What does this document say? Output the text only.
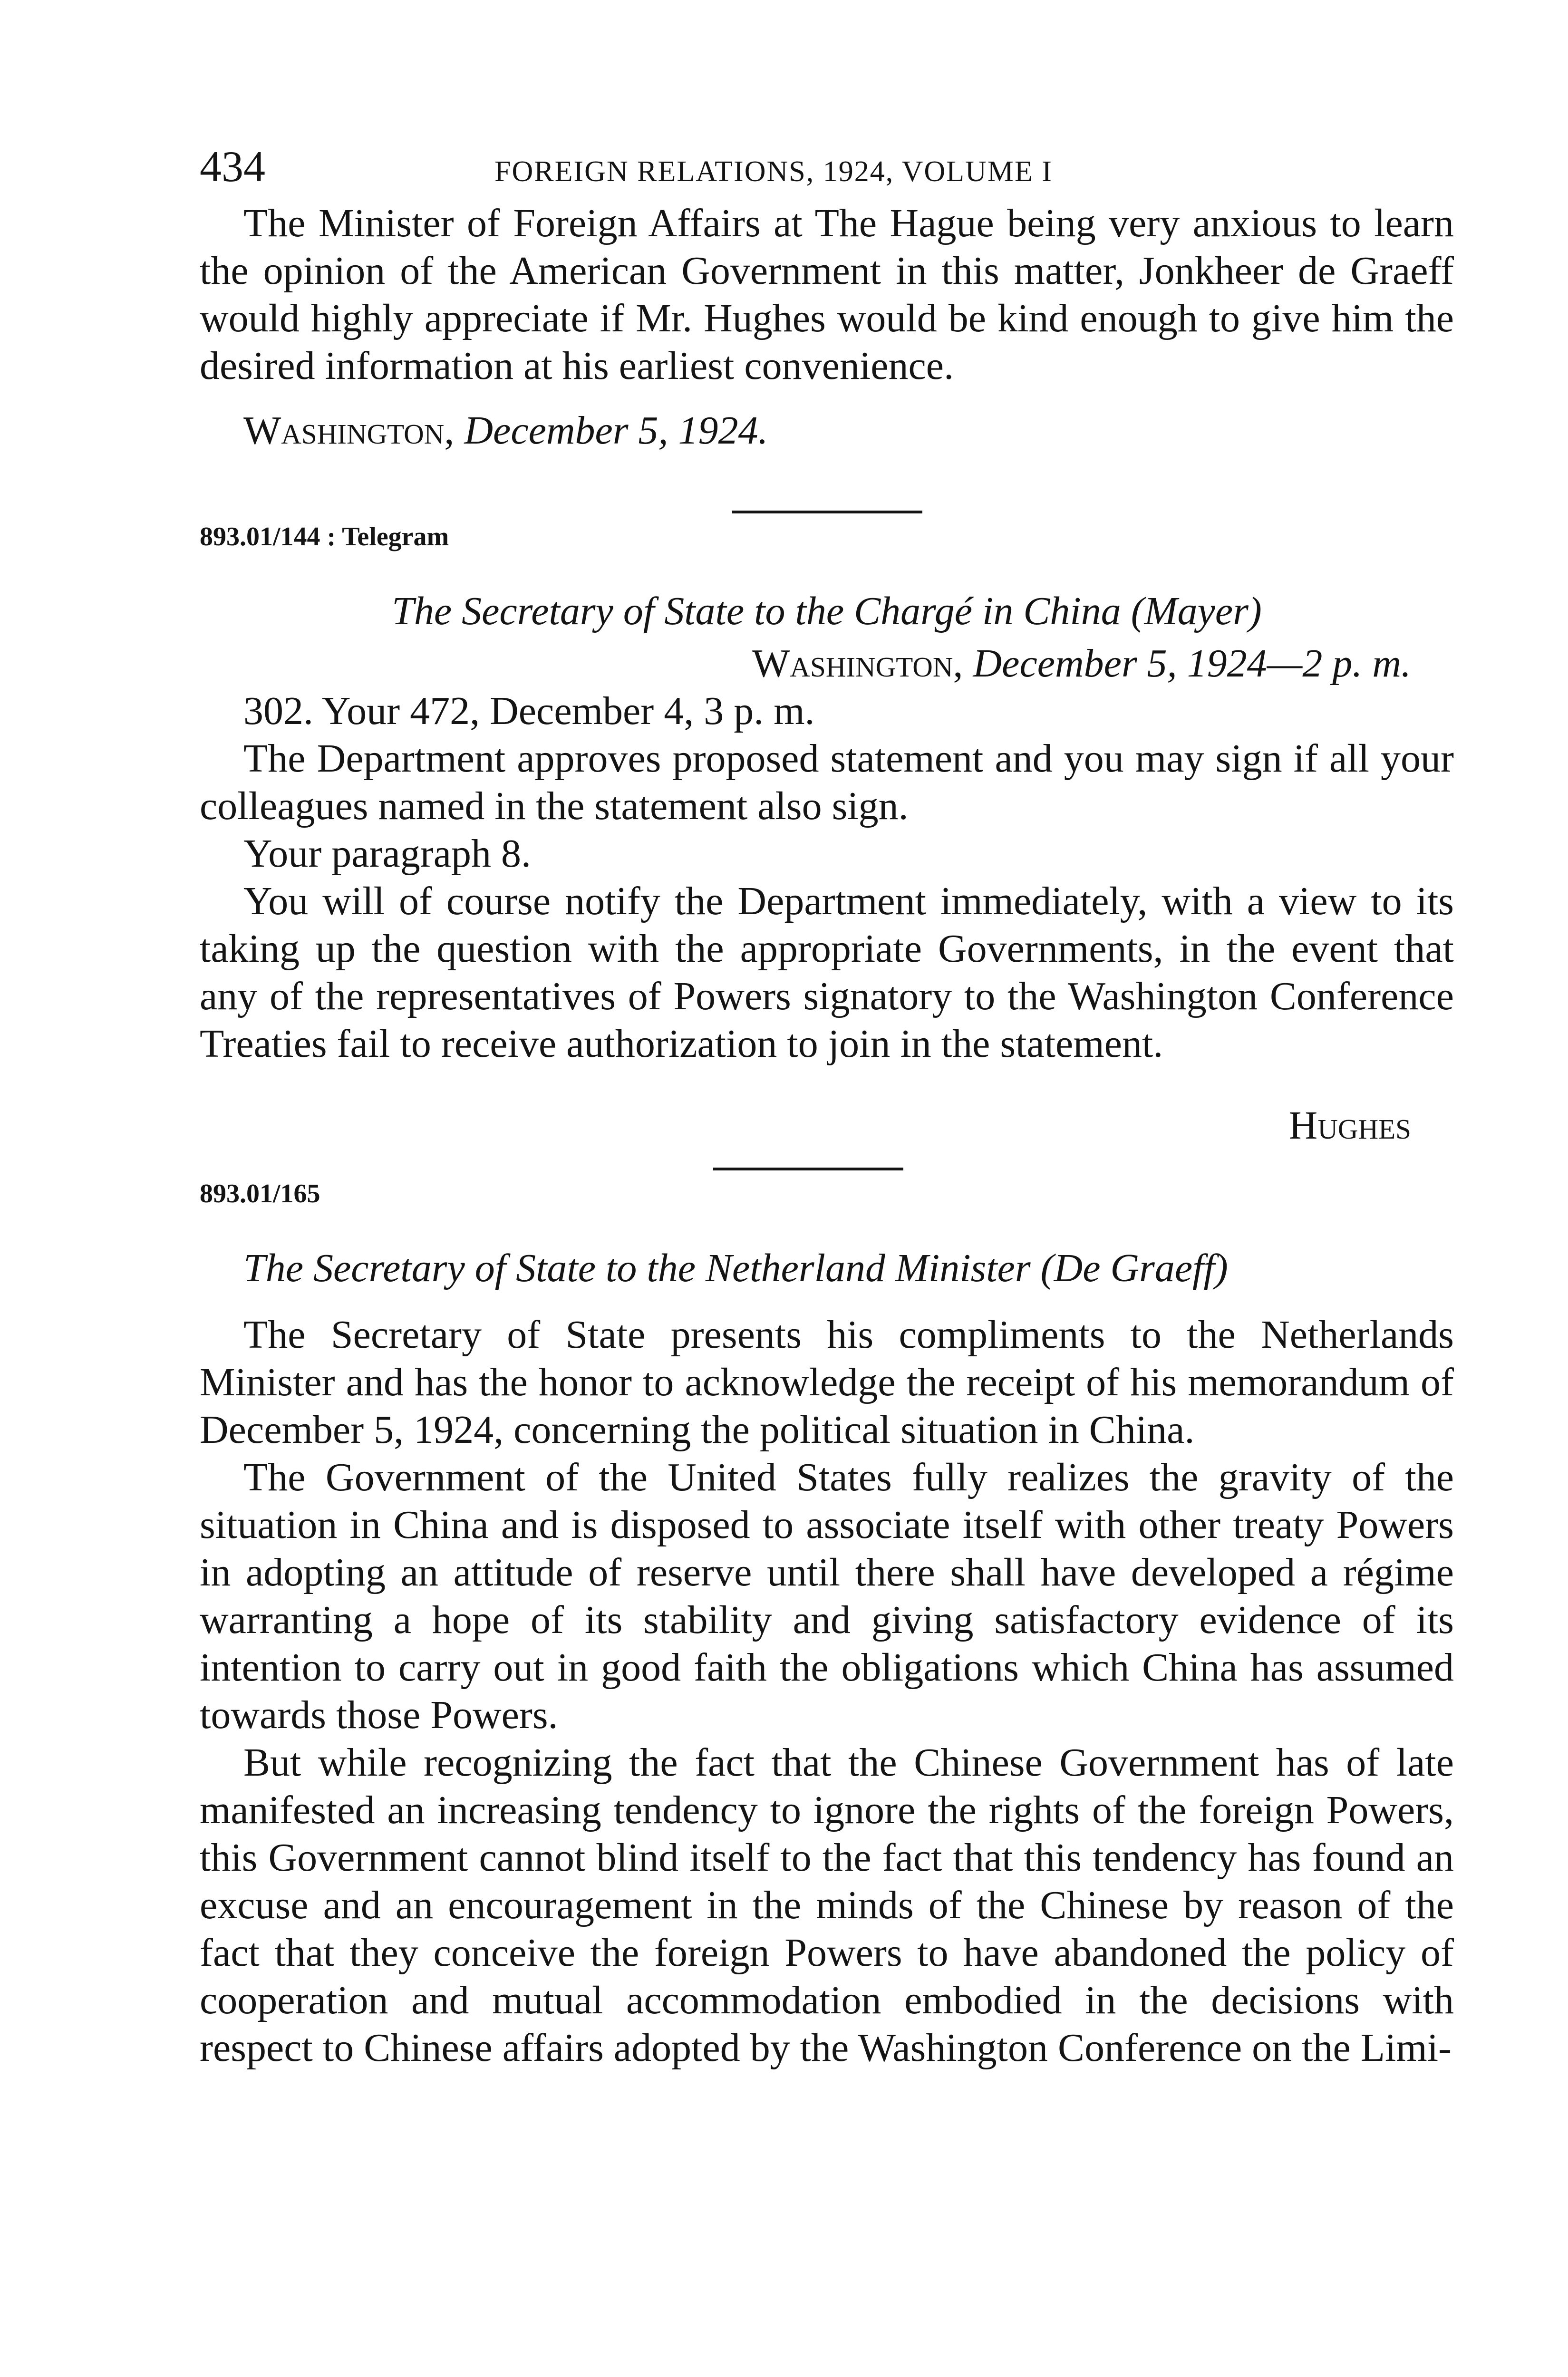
434	FOREIGN RELATIONS, 1924, VOLUME I

The Minister of Foreign Affairs at The Hague being very anxious to learn the opinion of the American Government in this matter, Jonkheer de Graeff would highly appreciate if Mr. Hughes would be kind enough to give him the desired information at his earliest convenience.

Washington, December 5, 1924.
893.01/144 : Telegram
The Secretary of State to the Chargé in China (Mayer)
Washington, December 5, 1924—2 p. m.

302. Your 472, December 4, 3 p. m.

The Department approves proposed statement and you may sign if all your colleagues named in the statement also sign.

Your paragraph 8.

You will of course notify the Department immediately, with a view to its taking up the question with the appropriate Governments, in the event that any of the representatives of Powers signatory to the Washington Conference Treaties fail to receive authorization to join in the statement.

Hughes
893.01/165
The Secretary of State to the Netherland Minister (De Graeff)

The Secretary of State presents his compliments to the Netherlands Minister and has the honor to acknowledge the receipt of his memorandum of December 5, 1924, concerning the political situation in China.

The Government of the United States fully realizes the gravity of the situation in China and is disposed to associate itself with other treaty Powers in adopting an attitude of reserve until there shall have developed a régime warranting a hope of its stability and giving satisfactory evidence of its intention to carry out in good faith the obligations which China has assumed towards those Powers.

But while recognizing the fact that the Chinese Government has of late manifested an increasing tendency to ignore the rights of the foreign Powers, this Government cannot blind itself to the fact that this tendency has found an excuse and an encouragement in the minds of the Chinese by reason of the fact that they conceive the foreign Powers to have abandoned the policy of cooperation and mutual accommodation embodied in the decisions with respect to Chinese affairs adopted by the Washington Conference on the Limi-
